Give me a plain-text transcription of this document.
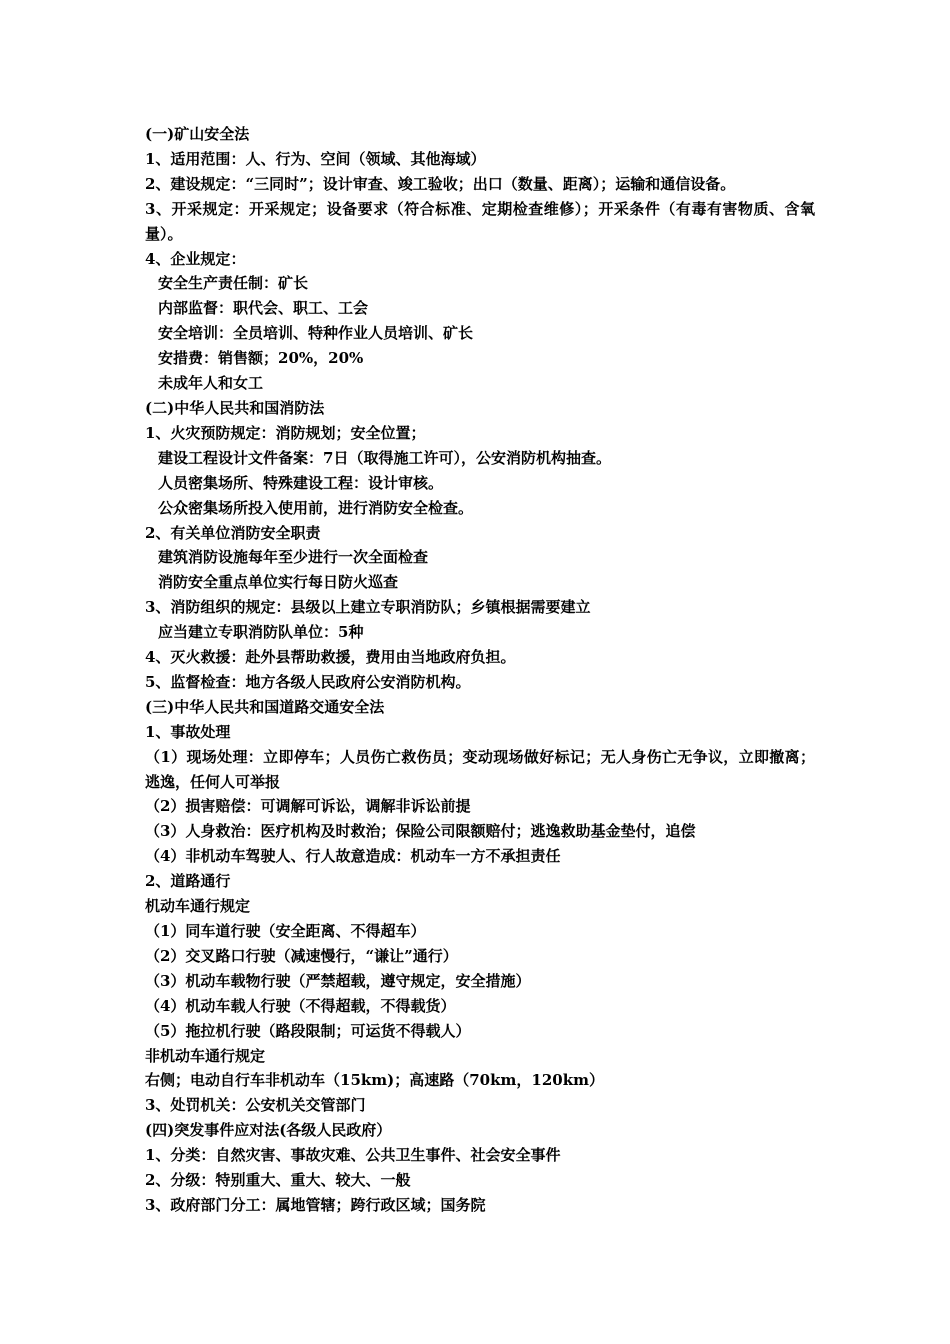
(一)矿山安全法
1、适用范围：人、行为、空间（领域、其他海域）
2、建设规定：“三同时”；设计审查、竣工验收；出口（数量、距离）；运输和通信设备。
3、开采规定：开采规定；设备要求（符合标准、定期检查维修）；开采条件（有毒有害物质、含氧量）。
4、企业规定：
安全生产责任制：矿长
内部监督：职代会、职工、工会
安全培训：全员培训、特种作业人员培训、矿长
安措费：销售额；20%，20%
未成年人和女工
(二)中华人民共和国消防法
1、火灾预防规定：消防规划；安全位置；
建设工程设计文件备案：7日（取得施工许可），公安消防机构抽查。
人员密集场所、特殊建设工程：设计审核。
公众密集场所投入使用前，进行消防安全检查。
2、有关单位消防安全职责
建筑消防设施每年至少进行一次全面检查
消防安全重点单位实行每日防火巡查
3、消防组织的规定：县级以上建立专职消防队；乡镇根据需要建立
应当建立专职消防队单位：5种
4、灭火救援：赴外县帮助救援，费用由当地政府负担。
5、监督检查：地方各级人民政府公安消防机构。
(三)中华人民共和国道路交通安全法
1、事故处理
（1）现场处理：立即停车；人员伤亡救伤员；变动现场做好标记；无人身伤亡无争议，立即撤离；逃逸，任何人可举报
（2）损害赔偿：可调解可诉讼，调解非诉讼前提
（3）人身救治：医疗机构及时救治；保险公司限额赔付；逃逸救助基金垫付，追偿
（4）非机动车驾驶人、行人故意造成：机动车一方不承担责任
2、道路通行
机动车通行规定
（1）同车道行驶（安全距离、不得超车）
（2）交叉路口行驶（减速慢行，“谦让”通行）
（3）机动车载物行驶（严禁超载，遵守规定，安全措施）
（4）机动车载人行驶（不得超载，不得载货）
（5）拖拉机行驶（路段限制；可运货不得载人）
非机动车通行规定
右侧；电动自行车非机动车（15km)；高速路（70km，120km）
3、处罚机关：公安机关交管部门
(四)突发事件应对法(各级人民政府）
1、分类：自然灾害、事故灾难、公共卫生事件、社会安全事件
2、分级：特别重大、重大、较大、一般
3、政府部门分工：属地管辖；跨行政区域；国务院
